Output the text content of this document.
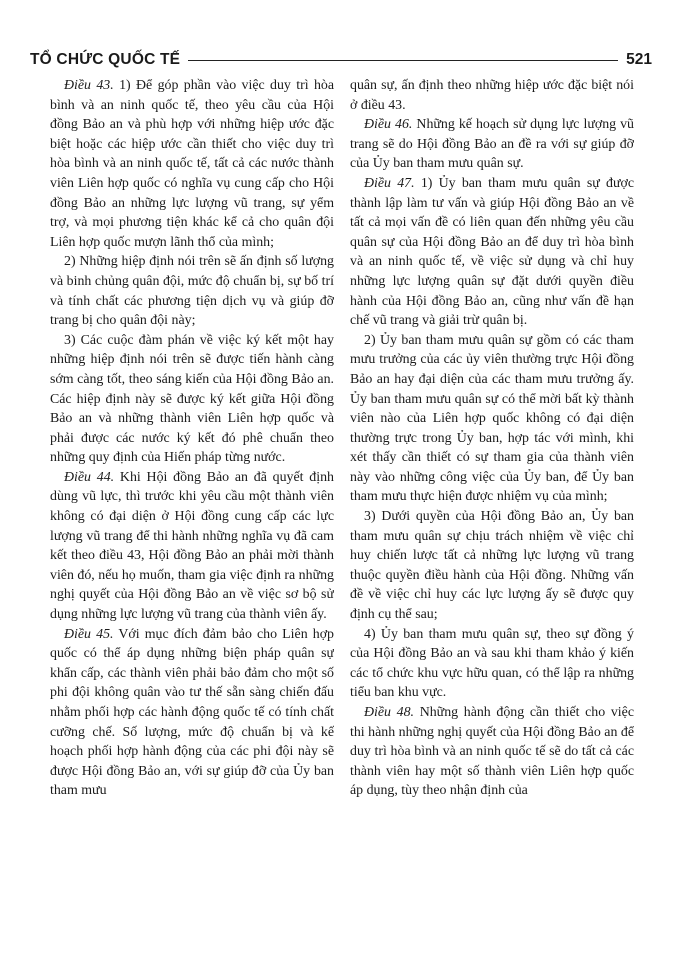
TỔ CHỨC QUỐC TẾ	521

Điều 43. 1) Để góp phần vào việc duy trì hòa bình và an ninh quốc tế, theo yêu cầu của Hội đồng Bảo an và phù hợp với những hiệp ước đặc biệt hoặc các hiệp ước cần thiết cho việc duy trì hòa bình và an ninh quốc tế, tất cả các nước thành viên Liên hợp quốc có nghĩa vụ cung cấp cho Hội đồng Bảo an những lực lượng vũ trang, sự yểm trợ, và mọi phương tiện khác kể cả cho quân đội Liên hợp quốc mượn lãnh thổ của mình;

2) Những hiệp định nói trên sẽ ấn định số lượng và binh chủng quân đội, mức độ chuẩn bị, sự bố trí và tính chất các phương tiện dịch vụ và giúp đỡ trang bị cho quân đội này;

3) Các cuộc đàm phán về việc ký kết một hay những hiệp định nói trên sẽ được tiến hành càng sớm càng tốt, theo sáng kiến của Hội đồng Bảo an. Các hiệp định này sẽ được ký kết giữa Hội đồng Bảo an và những thành viên Liên hợp quốc và phải được các nước ký kết đó phê chuẩn theo những quy định của Hiến pháp từng nước.

Điều 44. Khi Hội đồng Bảo an đã quyết định dùng vũ lực, thì trước khi yêu cầu một thành viên không có đại diện ở Hội đồng cung cấp các lực lượng vũ trang để thi hành những nghĩa vụ đã cam kết theo điều 43, Hội đồng Bảo an phải mời thành viên đó, nếu họ muốn, tham gia việc định ra những nghị quyết của Hội đồng Bảo an về việc sơ bộ sử dụng những lực lượng vũ trang của thành viên ấy.

Điều 45. Với mục đích đảm bảo cho Liên hợp quốc có thể áp dụng những biện pháp quân sự khẩn cấp, các thành viên phải bảo đảm cho một số phi đội không quân vào tư thế sẵn sàng chiến đấu nhằm phối hợp các hành động quốc tế có tính chất cưỡng chế. Số lượng, mức độ chuẩn bị và kế hoạch phối hợp hành động của các phi đội này sẽ được Hội đồng Bảo an, với sự giúp đỡ của Ủy ban tham mưu

quân sự, ấn định theo những hiệp ước đặc biệt nói ở điều 43.

Điều 46. Những kế hoạch sử dụng lực lượng vũ trang sẽ do Hội đồng Bảo an đề ra với sự giúp đỡ của Ủy ban tham mưu quân sự.

Điều 47. 1) Ủy ban tham mưu quân sự được thành lập làm tư vấn và giúp Hội đồng Bảo an về tất cả mọi vấn đề có liên quan đến những yêu cầu quân sự của Hội đồng Bảo an để duy trì hòa bình và an ninh quốc tế, về việc sử dụng và chỉ huy những lực lượng quân sự đặt dưới quyền điều hành của Hội đồng Bảo an, cũng như vấn đề hạn chế vũ trang và giải trừ quân bị.

2) Ủy ban tham mưu quân sự gồm có các tham mưu trưởng của các ủy viên thường trực Hội đồng Bảo an hay đại diện của các tham mưu trưởng ấy. Ủy ban tham mưu quân sự có thể mời bất kỳ thành viên nào của Liên hợp quốc không có đại diện thường trực trong Ủy ban, hợp tác với mình, khi xét thấy cần thiết có sự tham gia của thành viên này vào những công việc của Ủy ban, để Ủy ban tham mưu thực hiện được nhiệm vụ của mình;

3) Dưới quyền của Hội đồng Bảo an, Ủy ban tham mưu quân sự chịu trách nhiệm về việc chỉ huy chiến lược tất cả những lực lượng vũ trang thuộc quyền điều hành của Hội đồng. Những vấn đề về việc chỉ huy các lực lượng ấy sẽ được quy định cụ thể sau;

4) Ủy ban tham mưu quân sự, theo sự đồng ý của Hội đồng Bảo an và sau khi tham khảo ý kiến các tổ chức khu vực hữu quan, có thể lập ra những tiểu ban khu vực.

Điều 48. Những hành động cần thiết cho việc thi hành những nghị quyết của Hội đồng Bảo an để duy trì hòa bình và an ninh quốc tế sẽ do tất cả các thành viên hay một số thành viên Liên hợp quốc áp dụng, tùy theo nhận định của
